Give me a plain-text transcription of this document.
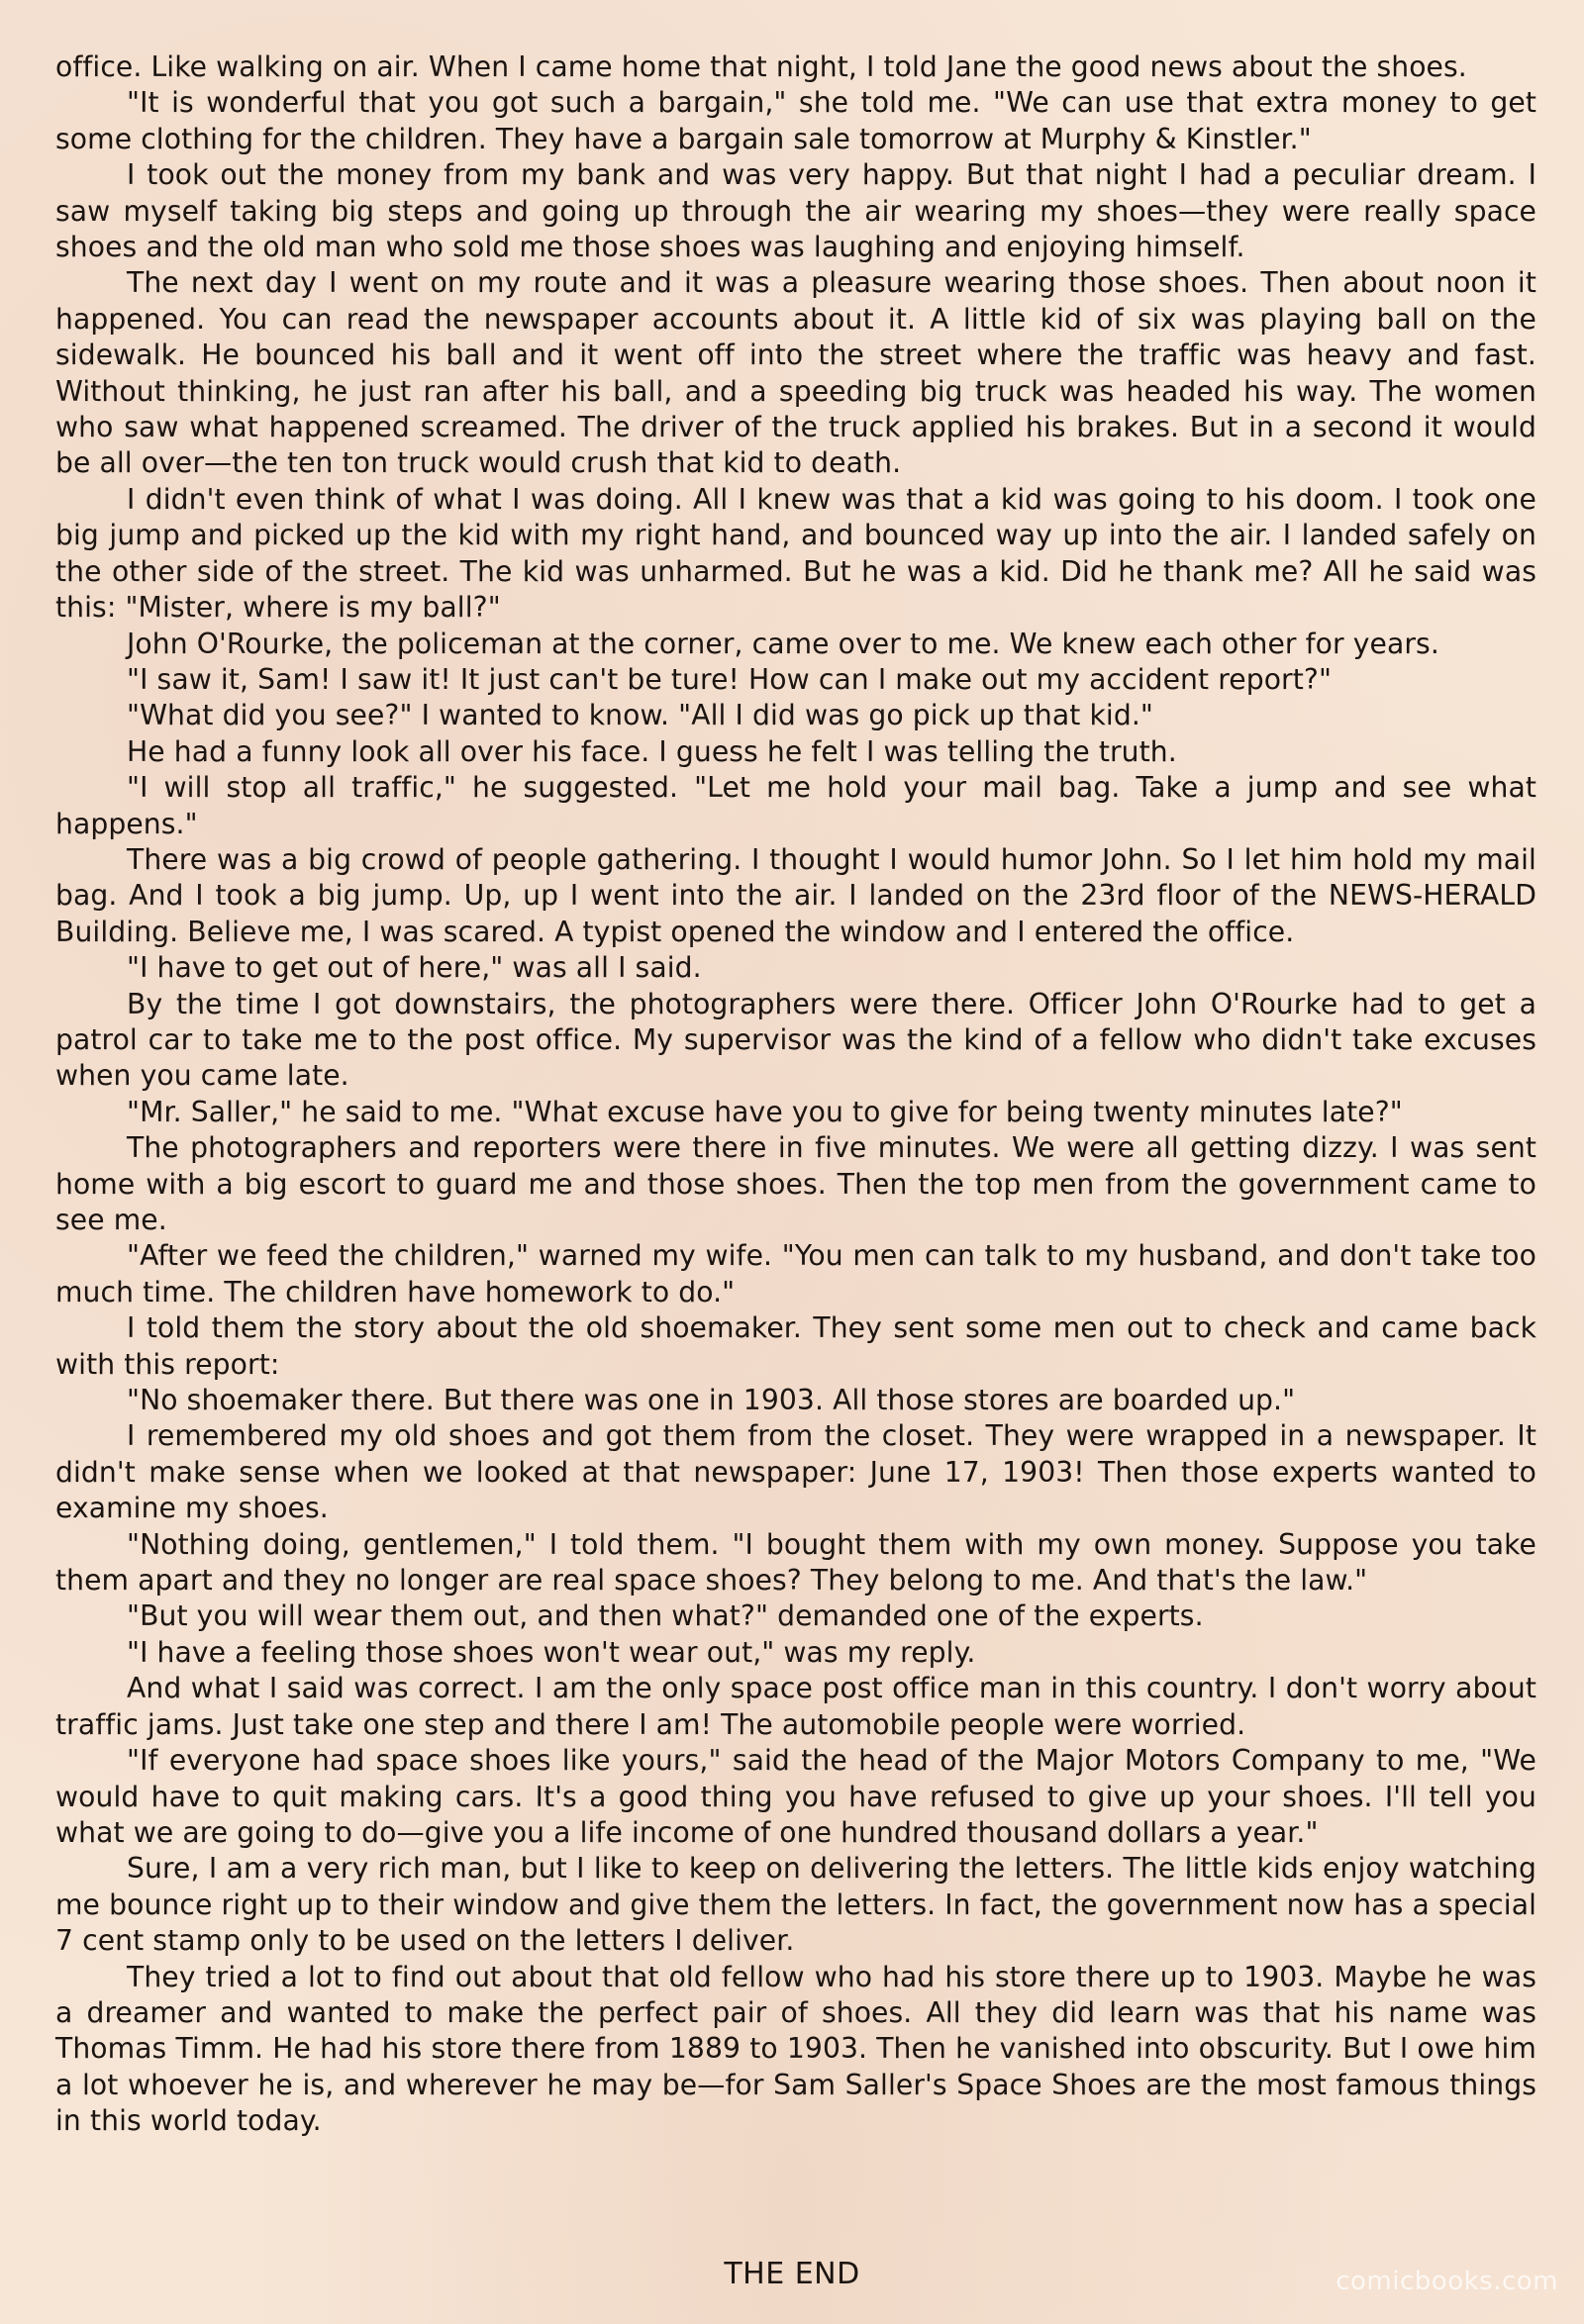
office. Like walking on air. When I came home that night, I told Jane the good news about the shoes.

"It is wonderful that you got such a bargain," she told me. "We can use that extra money to get some clothing for the children. They have a bargain sale tomorrow at Murphy & Kinstler."

I took out the money from my bank and was very happy. But that night I had a peculiar dream. I saw myself taking big steps and going up through the air wearing my shoes—they were really space shoes and the old man who sold me those shoes was laughing and enjoying himself.

The next day I went on my route and it was a pleasure wearing those shoes. Then about noon it happened. You can read the newspaper accounts about it. A little kid of six was playing ball on the sidewalk. He bounced his ball and it went off into the street where the traffic was heavy and fast. Without thinking, he just ran after his ball, and a speeding big truck was headed his way. The women who saw what happened screamed. The driver of the truck applied his brakes. But in a second it would be all over—the ten ton truck would crush that kid to death.

I didn't even think of what I was doing. All I knew was that a kid was going to his doom. I took one big jump and picked up the kid with my right hand, and bounced way up into the air. I landed safely on the other side of the street. The kid was unharmed. But he was a kid. Did he thank me? All he said was this: "Mister, where is my ball?"

John O'Rourke, the policeman at the corner, came over to me. We knew each other for years.

"I saw it, Sam! I saw it! It just can't be ture! How can I make out my accident report?"

"What did you see?" I wanted to know. "All I did was go pick up that kid."

He had a funny look all over his face. I guess he felt I was telling the truth.

"I will stop all traffic," he suggested. "Let me hold your mail bag. Take a jump and see what happens."

There was a big crowd of people gathering. I thought I would humor John. So I let him hold my mail bag. And I took a big jump. Up, up I went into the air. I landed on the 23rd floor of the NEWS-HERALD Building. Believe me, I was scared. A typist opened the window and I entered the office.

"I have to get out of here," was all I said.

By the time I got downstairs, the photographers were there. Officer John O'Rourke had to get a patrol car to take me to the post office. My supervisor was the kind of a fellow who didn't take excuses when you came late.

"Mr. Saller," he said to me. "What excuse have you to give for being twenty minutes late?"

The photographers and reporters were there in five minutes. We were all getting dizzy. I was sent home with a big escort to guard me and those shoes. Then the top men from the government came to see me.

"After we feed the children," warned my wife. "You men can talk to my husband, and don't take too much time. The children have homework to do."

I told them the story about the old shoemaker. They sent some men out to check and came back with this report:

"No shoemaker there. But there was one in 1903. All those stores are boarded up."

I remembered my old shoes and got them from the closet. They were wrapped in a newspaper. It didn't make sense when we looked at that newspaper: June 17, 1903! Then those experts wanted to examine my shoes.

"Nothing doing, gentlemen," I told them. "I bought them with my own money. Suppose you take them apart and they no longer are real space shoes? They belong to me. And that's the law."

"But you will wear them out, and then what?" demanded one of the experts.

"I have a feeling those shoes won't wear out," was my reply.

And what I said was correct. I am the only space post office man in this country. I don't worry about traffic jams. Just take one step and there I am! The automobile people were worried.

"If everyone had space shoes like yours," said the head of the Major Motors Company to me, "We would have to quit making cars. It's a good thing you have refused to give up your shoes. I'll tell you what we are going to do—give you a life income of one hundred thousand dollars a year."

Sure, I am a very rich man, but I like to keep on delivering the letters. The little kids enjoy watching me bounce right up to their window and give them the letters. In fact, the government now has a special 7 cent stamp only to be used on the letters I deliver.

They tried a lot to find out about that old fellow who had his store there up to 1903. Maybe he was a dreamer and wanted to make the perfect pair of shoes. All they did learn was that his name was Thomas Timm. He had his store there from 1889 to 1903. Then he vanished into obscurity. But I owe him a lot whoever he is, and wherever he may be—for Sam Saller's Space Shoes are the most famous things in this world today.

THE END	comicbooks.com
